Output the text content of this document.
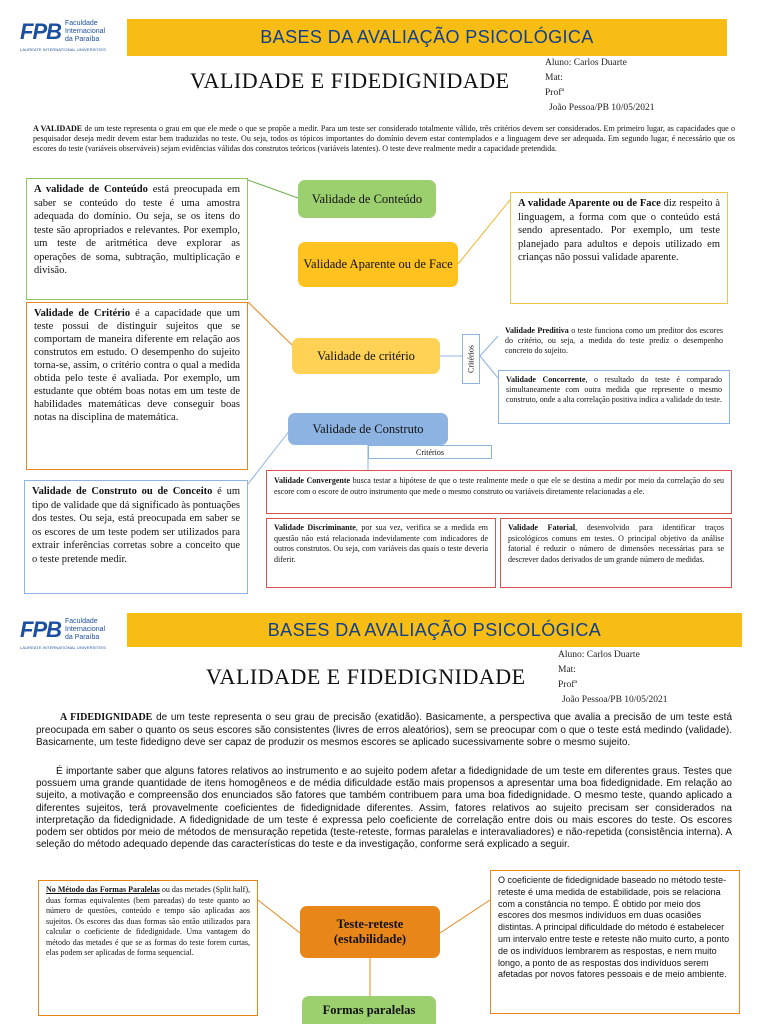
FPB Faculdade
Internacional
da Paraíba
LAUREATE INTERNATIONAL UNIVERSITIES
BASES DA AVALIAÇÃO PSICOLÓGICA
VALIDADE E FIDEDIGNIDADE
Aluno: Carlos Duarte
Mat:
Profª
João Pessoa/PB 10/05/2021
A VALIDADE de um teste representa o grau em que ele mede o que se propõe a medir. Para um teste ser considerado totalmente válido, três critérios devem ser considerados. Em primeiro lugar, as capacidades que o pesquisador deseja medir devem estar bem traduzidas no teste. Ou seja, todos os tópicos importantes do domínio devem estar contemplados e a linguagem deve ser adequada. Em segundo lugar, é necessário que os escores do teste (variáveis observáveis) sejam evidências válidas dos construtos teóricos (variáveis latentes). O teste deve realmente medir a capacidade pretendida.
A validade de Conteúdo está preocupada em saber se conteúdo do teste é uma amostra adequada do domínio. Ou seja, se os itens do teste são apropriados e relevantes. Por exemplo, um teste de aritmética deve explorar as operações de soma, subtração, multiplicação e divisão.
Validade de Conteúdo
Validade Aparente ou de Face
Validade de critério
Validade de Construto
A validade Aparente ou de Face diz respeito à linguagem, a forma com que o conteúdo está sendo apresentado. Por exemplo, um teste planejado para adultos e depois utilizado em crianças não possui validade aparente.
Validade de Critério é a capacidade que um teste possui de distinguir sujeitos que se comportam de maneira diferente em relação aos construtos em estudo. O desempenho do sujeito torna-se, assim, o critério contra o qual a medida obtida pelo teste é avaliada. Por exemplo, um estudante que obtém boas notas em um teste de habilidades matemáticas deve conseguir boas notas na disciplina de matemática.
Critérios
Validade Preditiva o teste funciona como um preditor dos escores do critério, ou seja, a medida do teste prediz o desempenho concreto do sujeito.
Validade Concorrente, o resultado do teste é comparado simultaneamente com outra medida que represente o mesmo construto, onde a alta correlação positiva indica a validade do teste.
Validade de Construto ou de Conceito é um tipo de validade que dá significado às pontuações dos testes. Ou seja, está preocupada em saber se os escores de um teste podem ser utilizados para extrair inferências corretas sobre a conceito que o teste pretende medir.
Critérios
Validade Convergente busca testar a hipótese de que o teste realmente mede o que ele se destina a medir por meio da correlação do seu escore com o escore de outro instrumento que mede o mesmo construto ou variáveis diretamente relacionadas a ele.
Validade Discriminante, por sua vez, verifica se a medida em questão não está relacionada indevidamente com indicadores de outros construtos. Ou seja, com variáveis das quais o teste deveria diferir.
Validade Fatorial, desenvolvido para identificar traços psicológicos comuns em testes. O principal objetivo da análise fatorial é reduzir o número de dimensões necessárias para se descrever dados derivados de um grande número de medidas.
FPB Faculdade
Internacional
da Paraíba
LAUREATE INTERNATIONAL UNIVERSITIES
BASES DA AVALIAÇÃO PSICOLÓGICA
VALIDADE E FIDEDIGNIDADE
Aluno: Carlos Duarte
Mat:
Profª
João Pessoa/PB 10/05/2021
A FIDEDIGNIDADE de um teste representa o seu grau de precisão (exatidão). Basicamente, a perspectiva que avalia a precisão de um teste está preocupada em saber o quanto os seus escores são consistentes (livres de erros aleatórios), sem se preocupar com o que o teste está medindo (validade). Basicamente, um teste fidedigno deve ser capaz de produzir os mesmos escores se aplicado sucessivamente sobre o mesmo sujeito.
É importante saber que alguns fatores relativos ao instrumento e ao sujeito podem afetar a fidedignidade de um teste em diferentes graus. Testes que possuem uma grande quantidade de itens homogêneos e de média dificuldade estão mais propensos a apresentar uma boa fidedignidade. Em relação ao sujeito, a motivação e compreensão dos enunciados são fatores que também contribuem para uma boa fidedignidade. O mesmo teste, quando aplicado a diferentes sujeitos, terá provavelmente coeficientes de fidedignidade diferentes. Assim, fatores relativos ao sujeito precisam ser considerados na interpretação da fidedignidade. A fidedignidade de um teste é expressa pelo coeficiente de correlação entre dois ou mais escores do teste. Os escores podem ser obtidos por meio de métodos de mensuração repetida (teste-reteste, formas paralelas e interavaliadores) e não-repetida (consistência interna). A seleção do método adequado depende das características do teste e da investigação, conforme será explicado a seguir.
No Método das Formas Paralelas ou das metades (Split half), duas formas equivalentes (bem pareadas) do teste quanto ao número de questões, conteúdo e tempo são aplicadas aos sujeitos. Os escores das duas formas são então utilizados para calcular o coeficiente de fidedignidade. Uma vantagem do método das metades é que se as formas do teste forem curtas, elas podem ser aplicadas de forma sequencial.
Teste-reteste (estabilidade)
Formas paralelas
O coeficiente de fidedignidade baseado no método teste-reteste é uma medida de estabilidade, pois se relaciona com a constância no tempo. É obtido por meio dos escores dos mesmos indivíduos em duas ocasiões distintas. A principal dificuldade do método é estabelecer um intervalo entre teste e reteste não muito curto, a ponto de os indivíduos lembrarem as respostas, e nem muito longo, a ponto de as respostas dos indivíduos serem afetadas por novos fatores pessoais e de meio ambiente.
